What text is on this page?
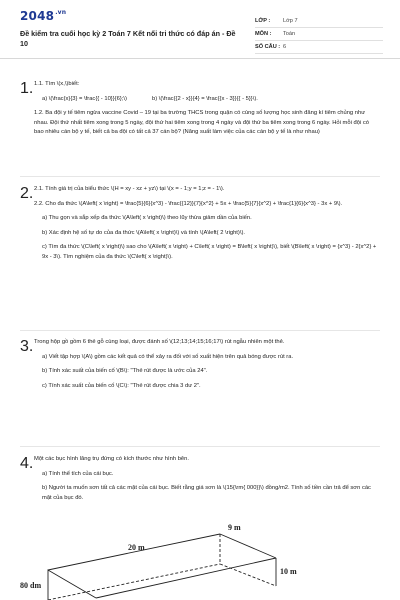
$2048^{.vn}$
Đề kiểm tra cuối học kỳ 2 Toán 7 Kết nối tri thức có đáp án - Đề 10
LỚP :	Lớp 7
MÔN :	Toán
SỐ CÂU : 6
1. 1.1. Tìm \(x,\)biết:

a) \(\frac{x}{3} = \frac{{ - 10}}{6};\)	b) \(\frac{{2 - x}}{4} = \frac{{x - 3}}{{ - 5}}\).

1.2. Ba đội y tế tiêm ngừa vaccine Covid – 19 tại ba trường THCS trong quận có cùng số lượng học sinh đăng kí tiêm chủng như nhau. Đội thứ nhất tiêm xong trong 5 ngày, đội thứ hai tiêm xong trong 4 ngày và đội thứ ba tiêm xong trong 6 ngày. Hỏi mỗi đội có bao nhiêu cán bộ y tế, biết cả ba đội có tất cả 37 cán bộ? (Năng suất làm việc của các cán bộ y tế là như nhau)

2. 2.1. Tính giá trị của biểu thức \(H = xy - xz + yz\) tại \(x = - 1;y = 1;z = - 1\).

2.2. Cho đa thức \(A\left( x \right) = \frac{5}{6}{x^3} - \frac{{12}}{7}{x^2} + 5x + \frac{5}{7}{x^2} + \frac{1}{6}{x^3} - 3x + 9\).

a) Thu gọn và sắp xếp đa thức \(A\left( x \right)\) theo lũy thừa giảm dần của biến.

b) Xác định hệ số tự do của đa thức \(A\left( x \right)\) và tính \(A\left( 2 \right)\).

c) Tìm đa thức \(C\left( x \right)\) sao cho \(A\left( x \right) + C\left( x \right) = B\left( x \right)\), biết \(B\left( x \right) = {x^3} - 2{x^2} + 9x - 3\). Tìm nghiệm của đa thức \(C\left( x \right)\).

3. Trong hộp gồ gồm 6 thẻ gỗ cùng loại, được đánh số \(12;13;14;15;16;17\) rút ngẫu nhiên một thẻ.

a) Viết tập hợp \(A\) gồm các kết quả có thể xảy ra đối với số xuất hiện trên quả bóng được rút ra.

b) Tính xác suất của biến cố \(B\): "Thẻ rút được là ước của 24".

c) Tính xác suất của biến cố \(C\): "Thẻ rút được chia 3 dư 2".

4. Một các bục hình lăng trụ đứng có kích thước như hình bên.

a) Tính thể tích của cái bục.

b) Người ta muốn sơn tất cả các mặt của cái bục. Biết rằng giá sơn là \(15{\rm{ 000}}\) đồng/m2. Tính số tiền cần trả để sơn các mặt của bục đó.

9 m
20 m
10 m
80 dm
